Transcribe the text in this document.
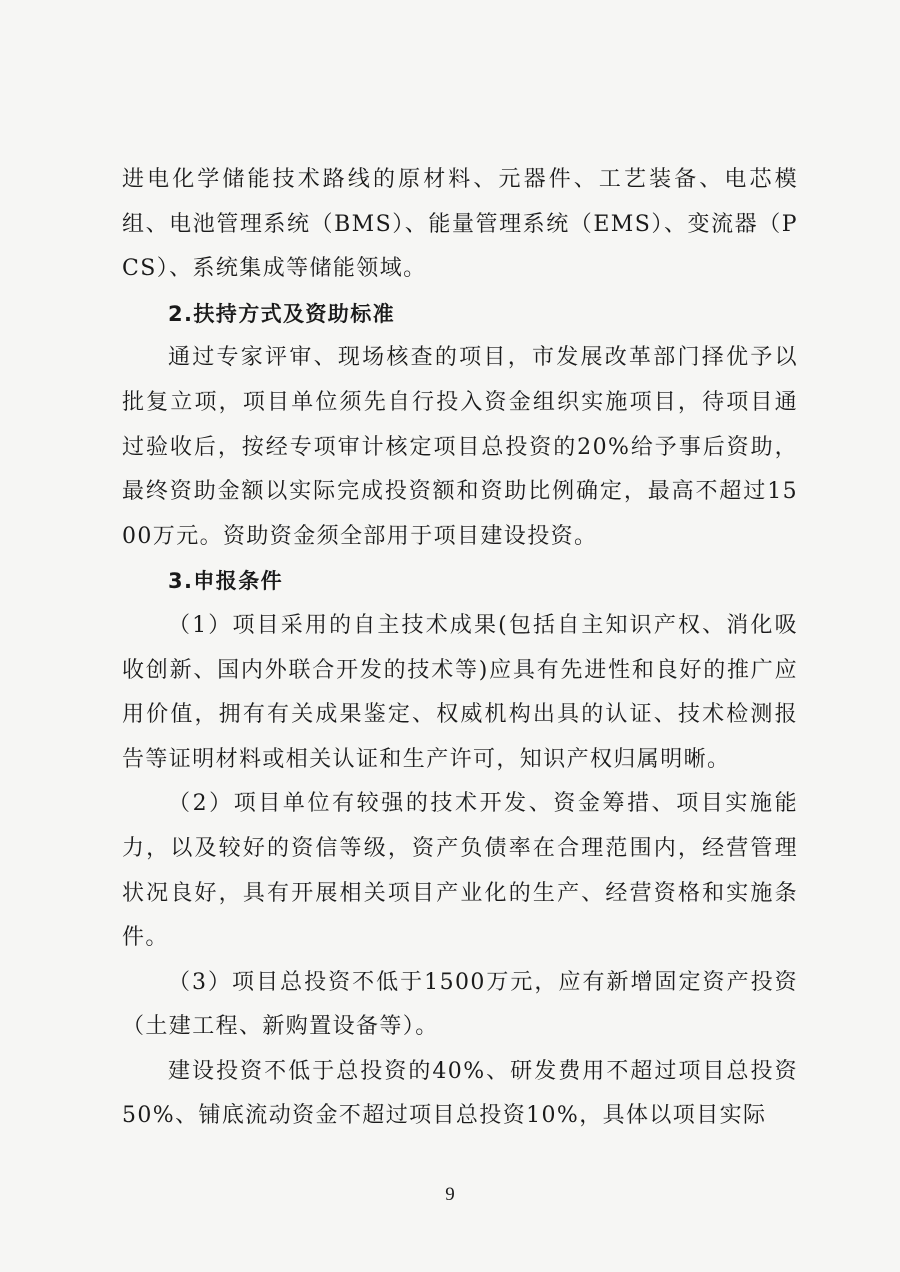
进电化学储能技术路线的原材料、元器件、工艺装备、电芯模组、电池管理系统（BMS）、能量管理系统（EMS）、变流器（PCS）、系统集成等储能领域。

2.扶持方式及资助标准

通过专家评审、现场核查的项目，市发展改革部门择优予以批复立项，项目单位须先自行投入资金组织实施项目，待项目通过验收后，按经专项审计核定项目总投资的20%给予事后资助，最终资助金额以实际完成投资额和资助比例确定，最高不超过1500万元。资助资金须全部用于项目建设投资。

3.申报条件

（1）项目采用的自主技术成果(包括自主知识产权、消化吸收创新、国内外联合开发的技术等)应具有先进性和良好的推广应用价值，拥有有关成果鉴定、权威机构出具的认证、技术检测报告等证明材料或相关认证和生产许可，知识产权归属明晰。

（2）项目单位有较强的技术开发、资金筹措、项目实施能力，以及较好的资信等级，资产负债率在合理范围内，经营管理状况良好，具有开展相关项目产业化的生产、经营资格和实施条件。

（3）项目总投资不低于1500万元，应有新增固定资产投资（土建工程、新购置设备等）。

建设投资不低于总投资的40%、研发费用不超过项目总投资50%、铺底流动资金不超过项目总投资10%，具体以项目实际

9
